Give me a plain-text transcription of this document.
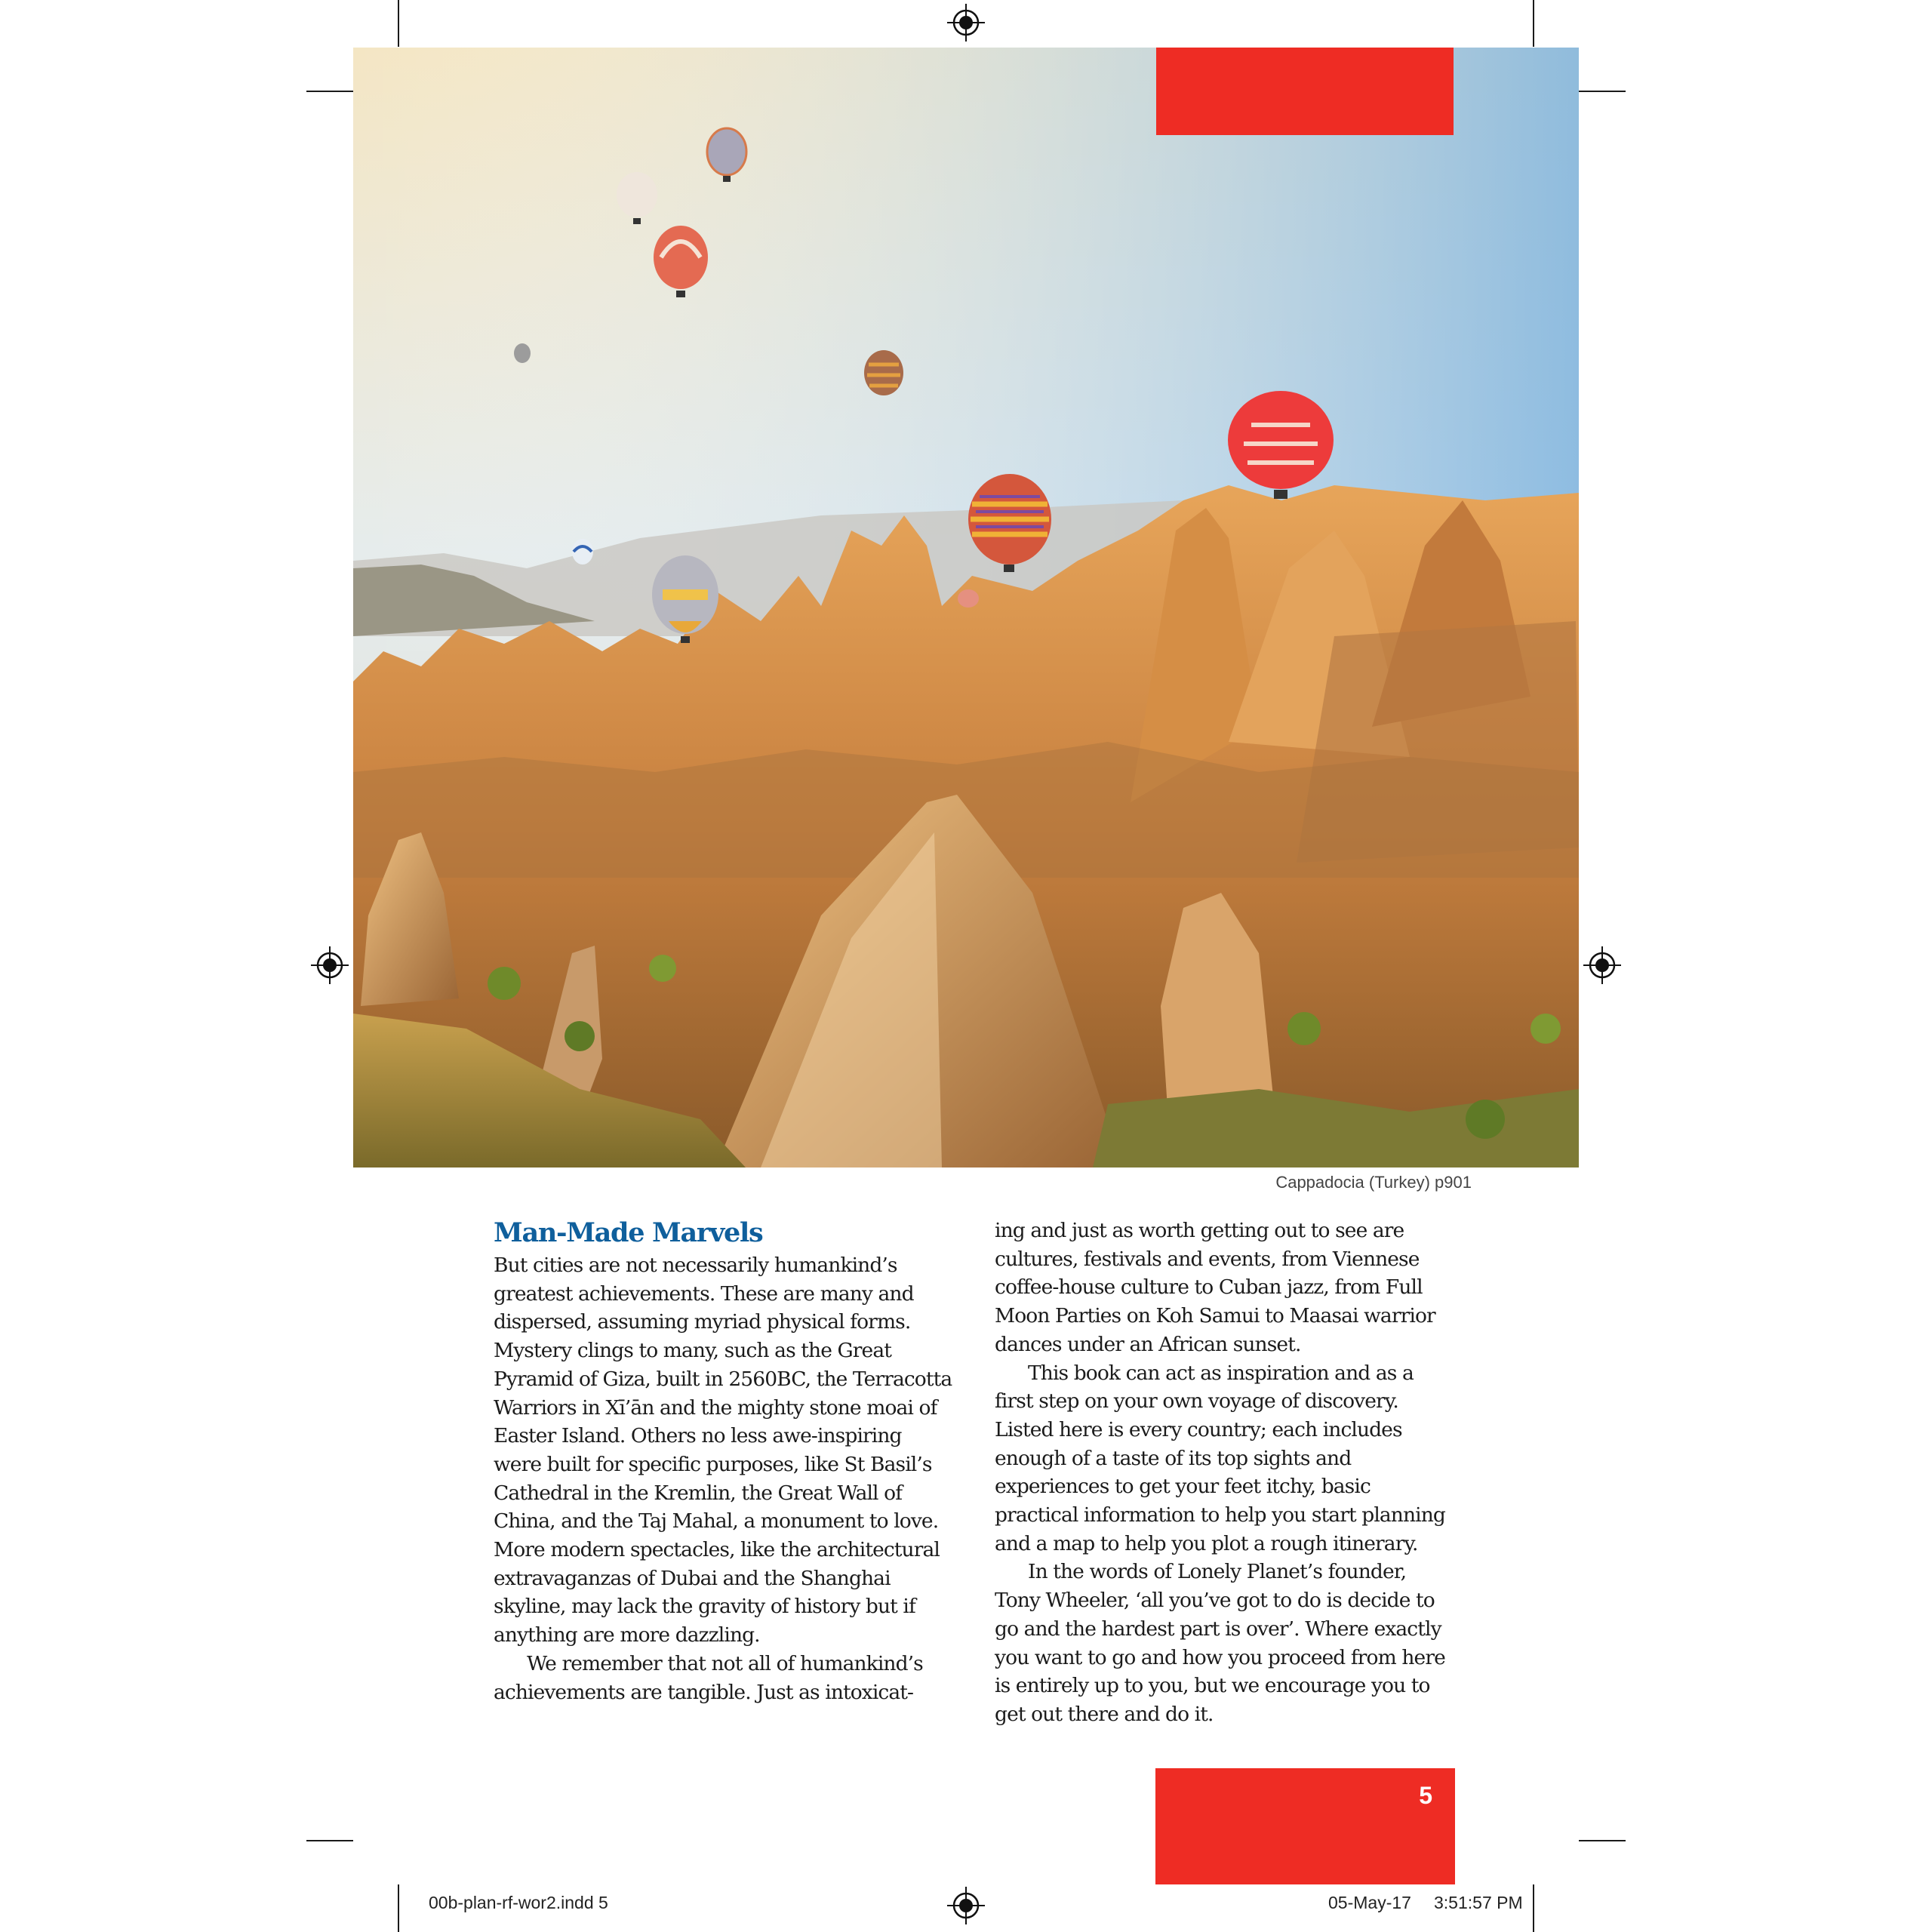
Cappadocia (Turkey) p901
Man-Made Marvels

But cities are not necessarily humankind’s greatest achievements. These are many and dispersed, assuming myriad physical forms. Mystery clings to many, such as the Great Pyramid of Giza, built in 2560BC, the Terracotta Warriors in Xī’ān and the mighty stone moai of Easter Island. Others no less awe-inspiring were built for specific purposes, like St Basil’s Cathedral in the Kremlin, the Great Wall of China, and the Taj Mahal, a monument to love. More modern spectacles, like the architectural extravaganzas of Dubai and the Shanghai skyline, may lack the gravity of history but if anything are more dazzling.

We remember that not all of humankind’s achievements are tangible. Just as intoxicat-

ing and just as worth getting out to see are cultures, festivals and events, from Viennese coffee-house culture to Cuban jazz, from Full Moon Parties on Koh Samui to Maasai warrior dances under an African sunset.

This book can act as inspiration and as a first step on your own voyage of discovery. Listed here is every country; each includes enough of a taste of its top sights and experiences to get your feet itchy, basic practical information to help you start planning and a map to help you plot a rough itinerary.

In the words of Lonely Planet’s founder, Tony Wheeler, ‘all you’ve got to do is decide to go and the hardest part is over’. Where exactly you want to go and how you proceed from here is entirely up to you, but we encourage you to get out there and do it.

5
00b-plan-rf-wor2.indd 5	05-May-17 3:51:57 PM
